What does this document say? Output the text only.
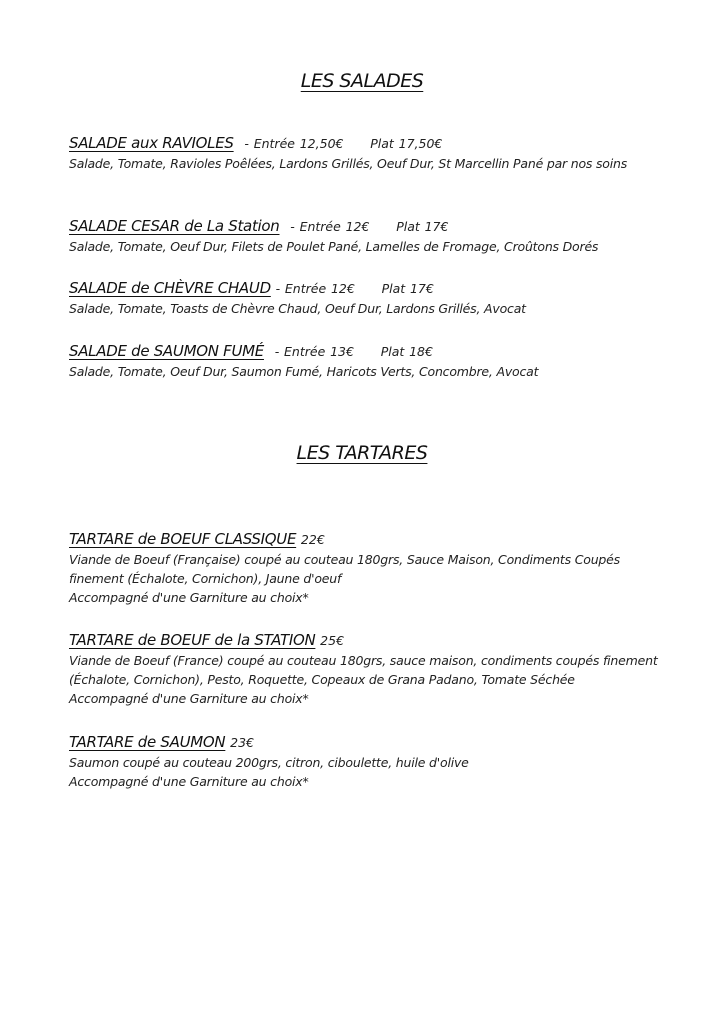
LES SALADES
SALADE aux RAVIOLES - Entrée 12,50€ Plat 17,50€
Salade, Tomate, Ravioles Poêlées, Lardons Grillés, Oeuf Dur, St Marcellin Pané par nos soins
SALADE CESAR de La Station - Entrée 12€ Plat 17€
Salade, Tomate, Oeuf Dur, Filets de Poulet Pané, Lamelles de Fromage, Croûtons Dorés
SALADE de CHÈVRE CHAUD - Entrée 12€ Plat 17€
Salade, Tomate, Toasts de Chèvre Chaud, Oeuf Dur, Lardons Grillés, Avocat
SALADE de SAUMON FUMÉ - Entrée 13€ Plat 18€
Salade, Tomate, Oeuf Dur, Saumon Fumé, Haricots Verts, Concombre, Avocat
LES TARTARES
TARTARE de BOEUF CLASSIQUE 22€
Viande de Boeuf (Française) coupé au couteau 180grs, Sauce Maison, Condiments Coupés finement (Échalote, Cornichon), Jaune d'oeuf
Accompagné d'une Garniture au choix*
TARTARE de BOEUF de la STATION 25€
Viande de Boeuf (France) coupé au couteau 180grs, sauce maison, condiments coupés finement (Échalote, Cornichon), Pesto, Roquette, Copeaux de Grana Padano, Tomate Séchée
Accompagné d'une Garniture au choix*
TARTARE de SAUMON 23€
Saumon coupé au couteau 200grs, citron, ciboulette, huile d'olive
Accompagné d'une Garniture au choix*
